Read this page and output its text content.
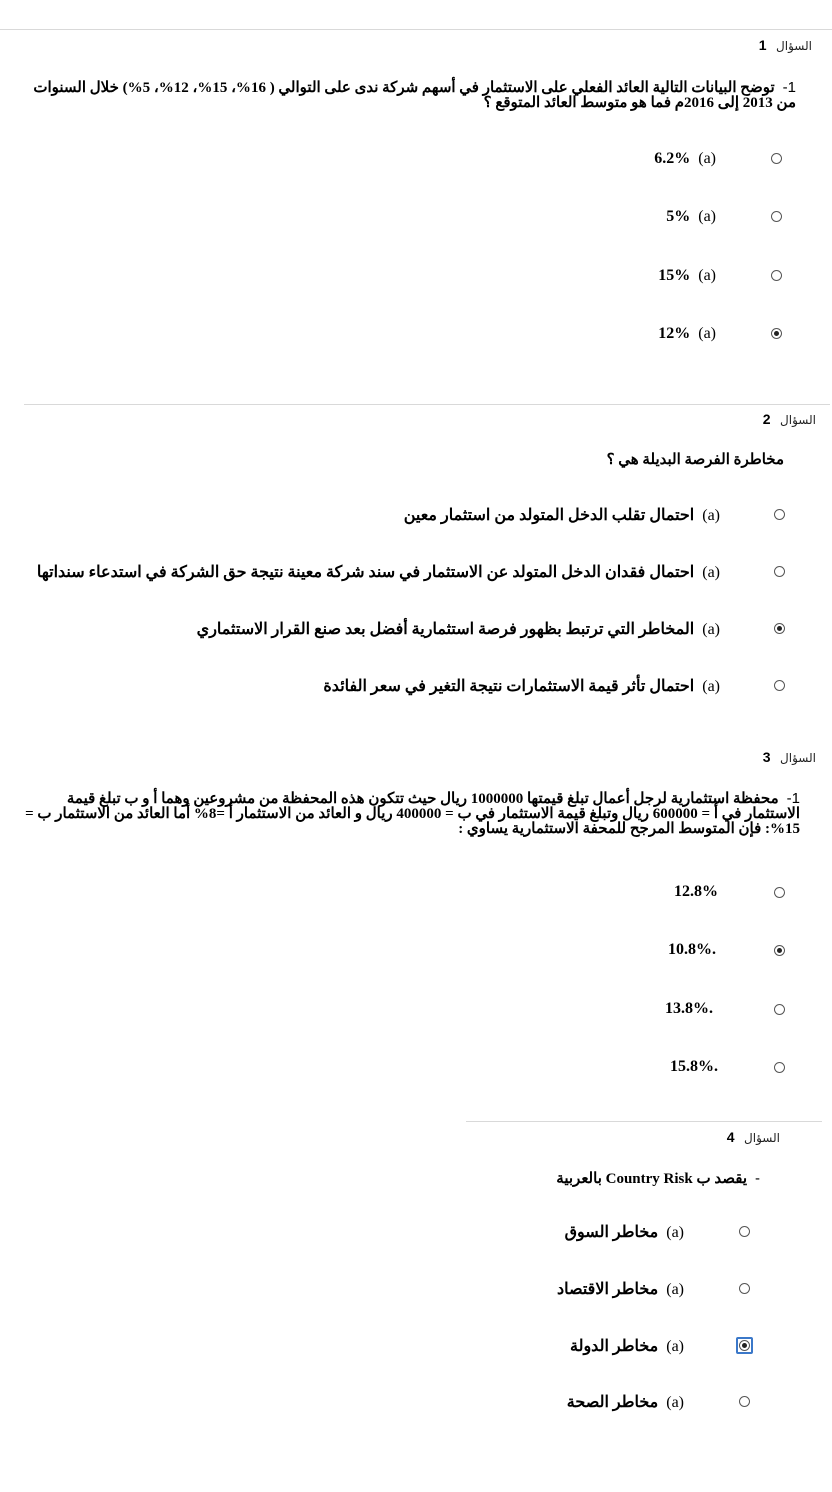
السؤال 1
1-توضح البيانات التالية العائد الفعلي على الاستثمار في أسهم شركة ندى على التوالي ( 16%، 15%، 12%، 5%) خلال السنوات من 2013 إلى 2016م فما هو متوسط العائد المتوقع ؟
(a) 6.2%
(a) 5%
(a) 15%
(a) 12%
السؤال 2
مخاطرة الفرصة البديلة هي ؟
(a) احتمال تقلب الدخل المتولد من استثمار معين
(a) احتمال فقدان الدخل المتولد عن الاستثمار في سند شركة معينة نتيجة حق الشركة في استدعاء سنداتها
(a) المخاطر التي ترتبط بظهور فرصة استثمارية أفضل بعد صنع القرار الاستثماري
(a) احتمال تأثر قيمة الاستثمارات نتيجة التغير في سعر الفائدة
السؤال 3
1-محفظة استثمارية لرجل أعمال تبلغ قيمتها 1000000 ريال حيث تتكون هذه المحفظة من مشروعين وهما أ و ب تبلغ قيمة الاستثمار في أ = 600000 ريال وتبلغ قيمة الاستثمار في ب = 400000 ريال و العائد من الاستثمار أ =8% أما العائد من الاستثمار ب = 15%: فإن المتوسط المرجح للمحفة الاستثمارية يساوي :
12.8%
.10.8%
.13.8%
.15.8%
السؤال 4
-يقصد ب Country Risk بالعربية
(a) مخاطر السوق
(a) مخاطر الاقتصاد
(a) مخاطر الدولة
(a) مخاطر الصحة
